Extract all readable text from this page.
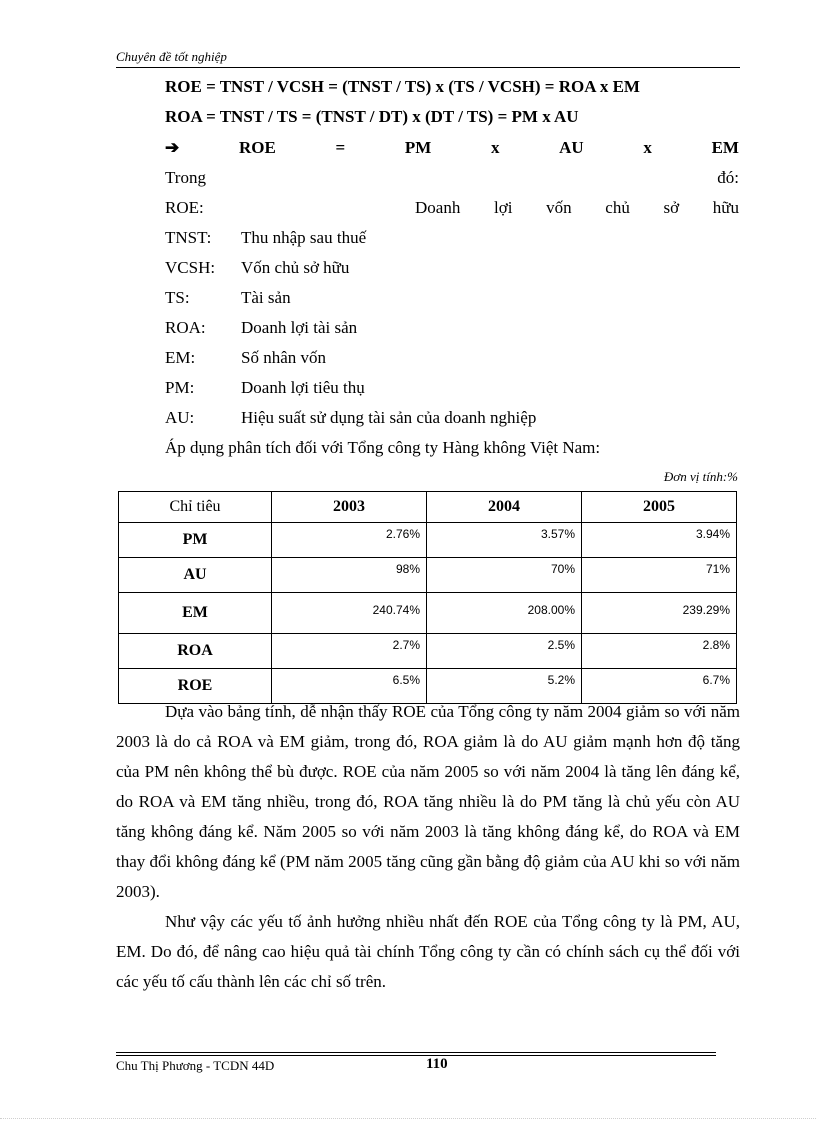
Chuyên đề tốt nghiệp
ROE = TNST / VCSH = (TNST / TS) x (TS / VCSH) = ROA x EM
ROA = TNST / TS = (TNST / DT) x (DT / TS) = PM x AU
➔	ROE	=	PM	x	AU	x	EM
Trong	đó:
ROE:	Doanh lợi vốn chủ sở hữu
TNST: Thu nhập sau thuế
VCSH: Vốn chủ sở hữu
TS:	Tài sản
ROA: Doanh lợi tài sản
EM:	Số nhân vốn
PM:	Doanh lợi tiêu thụ
AU:	Hiệu suất sử dụng tài sản của doanh nghiệp
Áp dụng phân tích đối với Tổng công ty Hàng không Việt Nam:
Đơn vị tính:%
Chỉ tiêu	2003	2004	2005
PM	2.76%	3.57%	3.94%
AU	98%	70%	71%
EM	240.74%	208.00%	239.29%
ROA	2.7%	2.5%	2.8%
ROE	6.5%	5.2%	6.7%
Dựa vào bảng tính, dễ nhận thấy ROE của Tổng công ty năm 2004 giảm so với năm 2003 là do cả ROA và EM giảm, trong đó, ROA giảm là do AU giảm mạnh hơn độ tăng của PM nên không thể bù được. ROE của năm 2005 so với năm 2004 là tăng lên đáng kể, do ROA và EM tăng nhiều, trong đó, ROA tăng nhiều là do PM tăng là chủ yếu còn AU tăng không đáng kể. Năm 2005 so với năm 2003 là tăng không đáng kể, do ROA và EM thay đổi không đáng kể (PM năm 2005 tăng cũng gần bằng độ giảm của AU khi so với năm 2003).
Như vậy các yếu tố ảnh hưởng nhiều nhất đến ROE của Tổng công ty là PM, AU, EM. Do đó, để nâng cao hiệu quả tài chính Tổng công ty cần có chính sách cụ thể đối với các yếu tố cấu thành lên các chỉ số trên.
Chu Thị Phương - TCDN 44D	110
